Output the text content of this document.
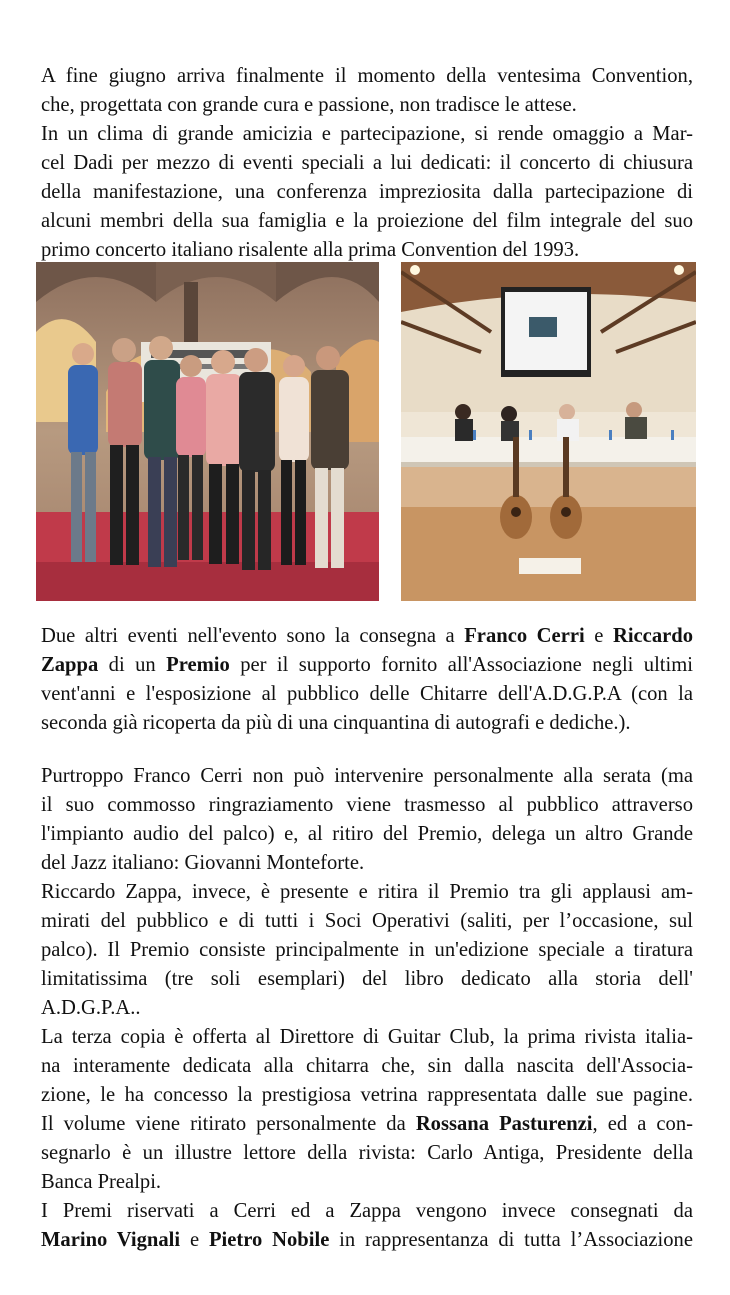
A fine giugno arriva finalmente il momento della ventesima Convention,
che, progettata con grande cura e passione, non tradisce le attese.
In un clima di grande amicizia e partecipazione, si rende omaggio a Mar-
cel Dadi per mezzo di eventi speciali a lui dedicati: il concerto di chiusura
della manifestazione, una conferenza impreziosita dalla partecipazione di
alcuni membri della sua famiglia e la proiezione del film integrale del suo
primo concerto italiano risalente alla prima Convention del 1993.
Due altri eventi nell'evento sono la consegna a Franco Cerri e Riccardo
Zappa di un Premio per il supporto fornito all'Associazione negli ultimi
vent'anni e l'esposizione al pubblico delle Chitarre dell'A.D.G.P.A (con la
seconda già ricoperta da più di una cinquantina di autografi e dediche.).
Purtroppo Franco Cerri non può intervenire personalmente alla serata (ma
il suo commosso ringraziamento viene trasmesso al pubblico attraverso
l'impianto audio del palco) e, al ritiro del Premio, delega un altro Grande
del Jazz italiano: Giovanni Monteforte.
Riccardo Zappa, invece, è presente e ritira il Premio tra gli applausi am-
mirati del pubblico e di tutti i Soci Operativi (saliti, per l’occasione, sul
palco). Il Premio consiste principalmente in un'edizione speciale a tiratura
limitatissima (tre soli esemplari) del libro dedicato alla storia dell'
A.D.G.P.A..
La terza copia è offerta al Direttore di Guitar Club, la prima rivista italia-
na interamente dedicata alla chitarra che, sin dalla nascita dell'Associa-
zione, le ha concesso la prestigiosa vetrina rappresentata dalle sue pagine.
Il volume viene ritirato personalmente da Rossana Pasturenzi, ed a con-
segnarlo è un illustre lettore della rivista: Carlo Antiga, Presidente della
Banca Prealpi.
I Premi riservati a Cerri ed a Zappa vengono invece consegnati da
Marino Vignali e Pietro Nobile in rappresentanza di tutta l’Associazione
